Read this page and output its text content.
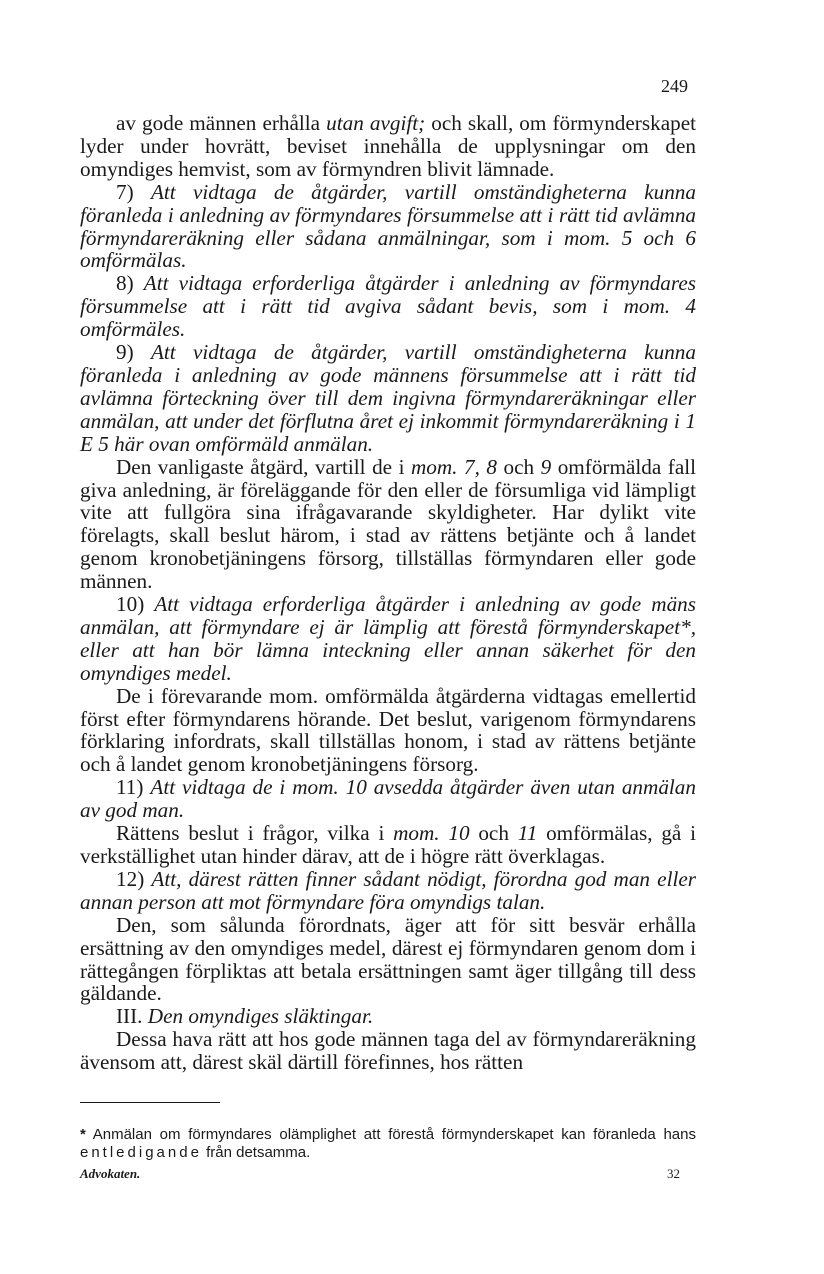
249

av gode männen erhålla utan avgift; och skall, om förmynderskapet lyder under hovrätt, beviset innehålla de upplysningar om den omyndiges hemvist, som av förmyndren blivit lämnade.

7) Att vidtaga de åtgärder, vartill omständigheterna kunna föranleda i anledning av förmyndares försummelse att i rätt tid avlämna förmyndareräkning eller sådana anmälningar, som i mom. 5 och 6 omförmälas.

8) Att vidtaga erforderliga åtgärder i anledning av förmyndares försummelse att i rätt tid avgiva sådant bevis, som i mom. 4 omförmäles.

9) Att vidtaga de åtgärder, vartill omständigheterna kunna föranleda i anledning av gode männens försummelse att i rätt tid avlämna förteckning över till dem ingivna förmyndareräkningar eller anmälan, att under det förflutna året ej inkommit förmyndareräkning i 1 E 5 här ovan omförmäld anmälan.

Den vanligaste åtgärd, vartill de i mom. 7, 8 och 9 omförmälda fall giva anledning, är föreläggande för den eller de försumliga vid lämpligt vite att fullgöra sina ifrågavarande skyldigheter. Har dylikt vite förelagts, skall beslut härom, i stad av rättens betjänte och å landet genom kronobetjäningens försorg, tillställas förmyndaren eller gode männen.

10) Att vidtaga erforderliga åtgärder i anledning av gode mäns anmälan, att förmyndare ej är lämplig att förestå förmynderskapet*, eller att han bör lämna inteckning eller annan säkerhet för den omyndiges medel.

De i förevarande mom. omförmälda åtgärderna vidtagas emellertid först efter förmyndarens hörande. Det beslut, varigenom förmyndarens förklaring infordrats, skall tillställas honom, i stad av rättens betjänte och å landet genom kronobetjäningens försorg.

11) Att vidtaga de i mom. 10 avsedda åtgärder även utan anmälan av god man.

Rättens beslut i frågor, vilka i mom. 10 och 11 omförmälas, gå i verkställighet utan hinder därav, att de i högre rätt överklagas.

12) Att, därest rätten finner sådant nödigt, förordna god man eller annan person att mot förmyndare föra omyndigs talan.

Den, som sålunda förordnats, äger att för sitt besvär erhålla ersättning av den omyndiges medel, därest ej förmyndaren genom dom i rättegången förpliktas att betala ersättningen samt äger tillgång till dess gäldande.

III. Den omyndiges släktingar.

Dessa hava rätt att hos gode männen taga del av förmyndareräkning ävensom att, därest skäl därtill förefinnes, hos rätten

* Anmälan om förmyndares olämplighet att förestå förmynderskapet kan föranleda hans entledigande från detsamma.

Advokaten.	32
